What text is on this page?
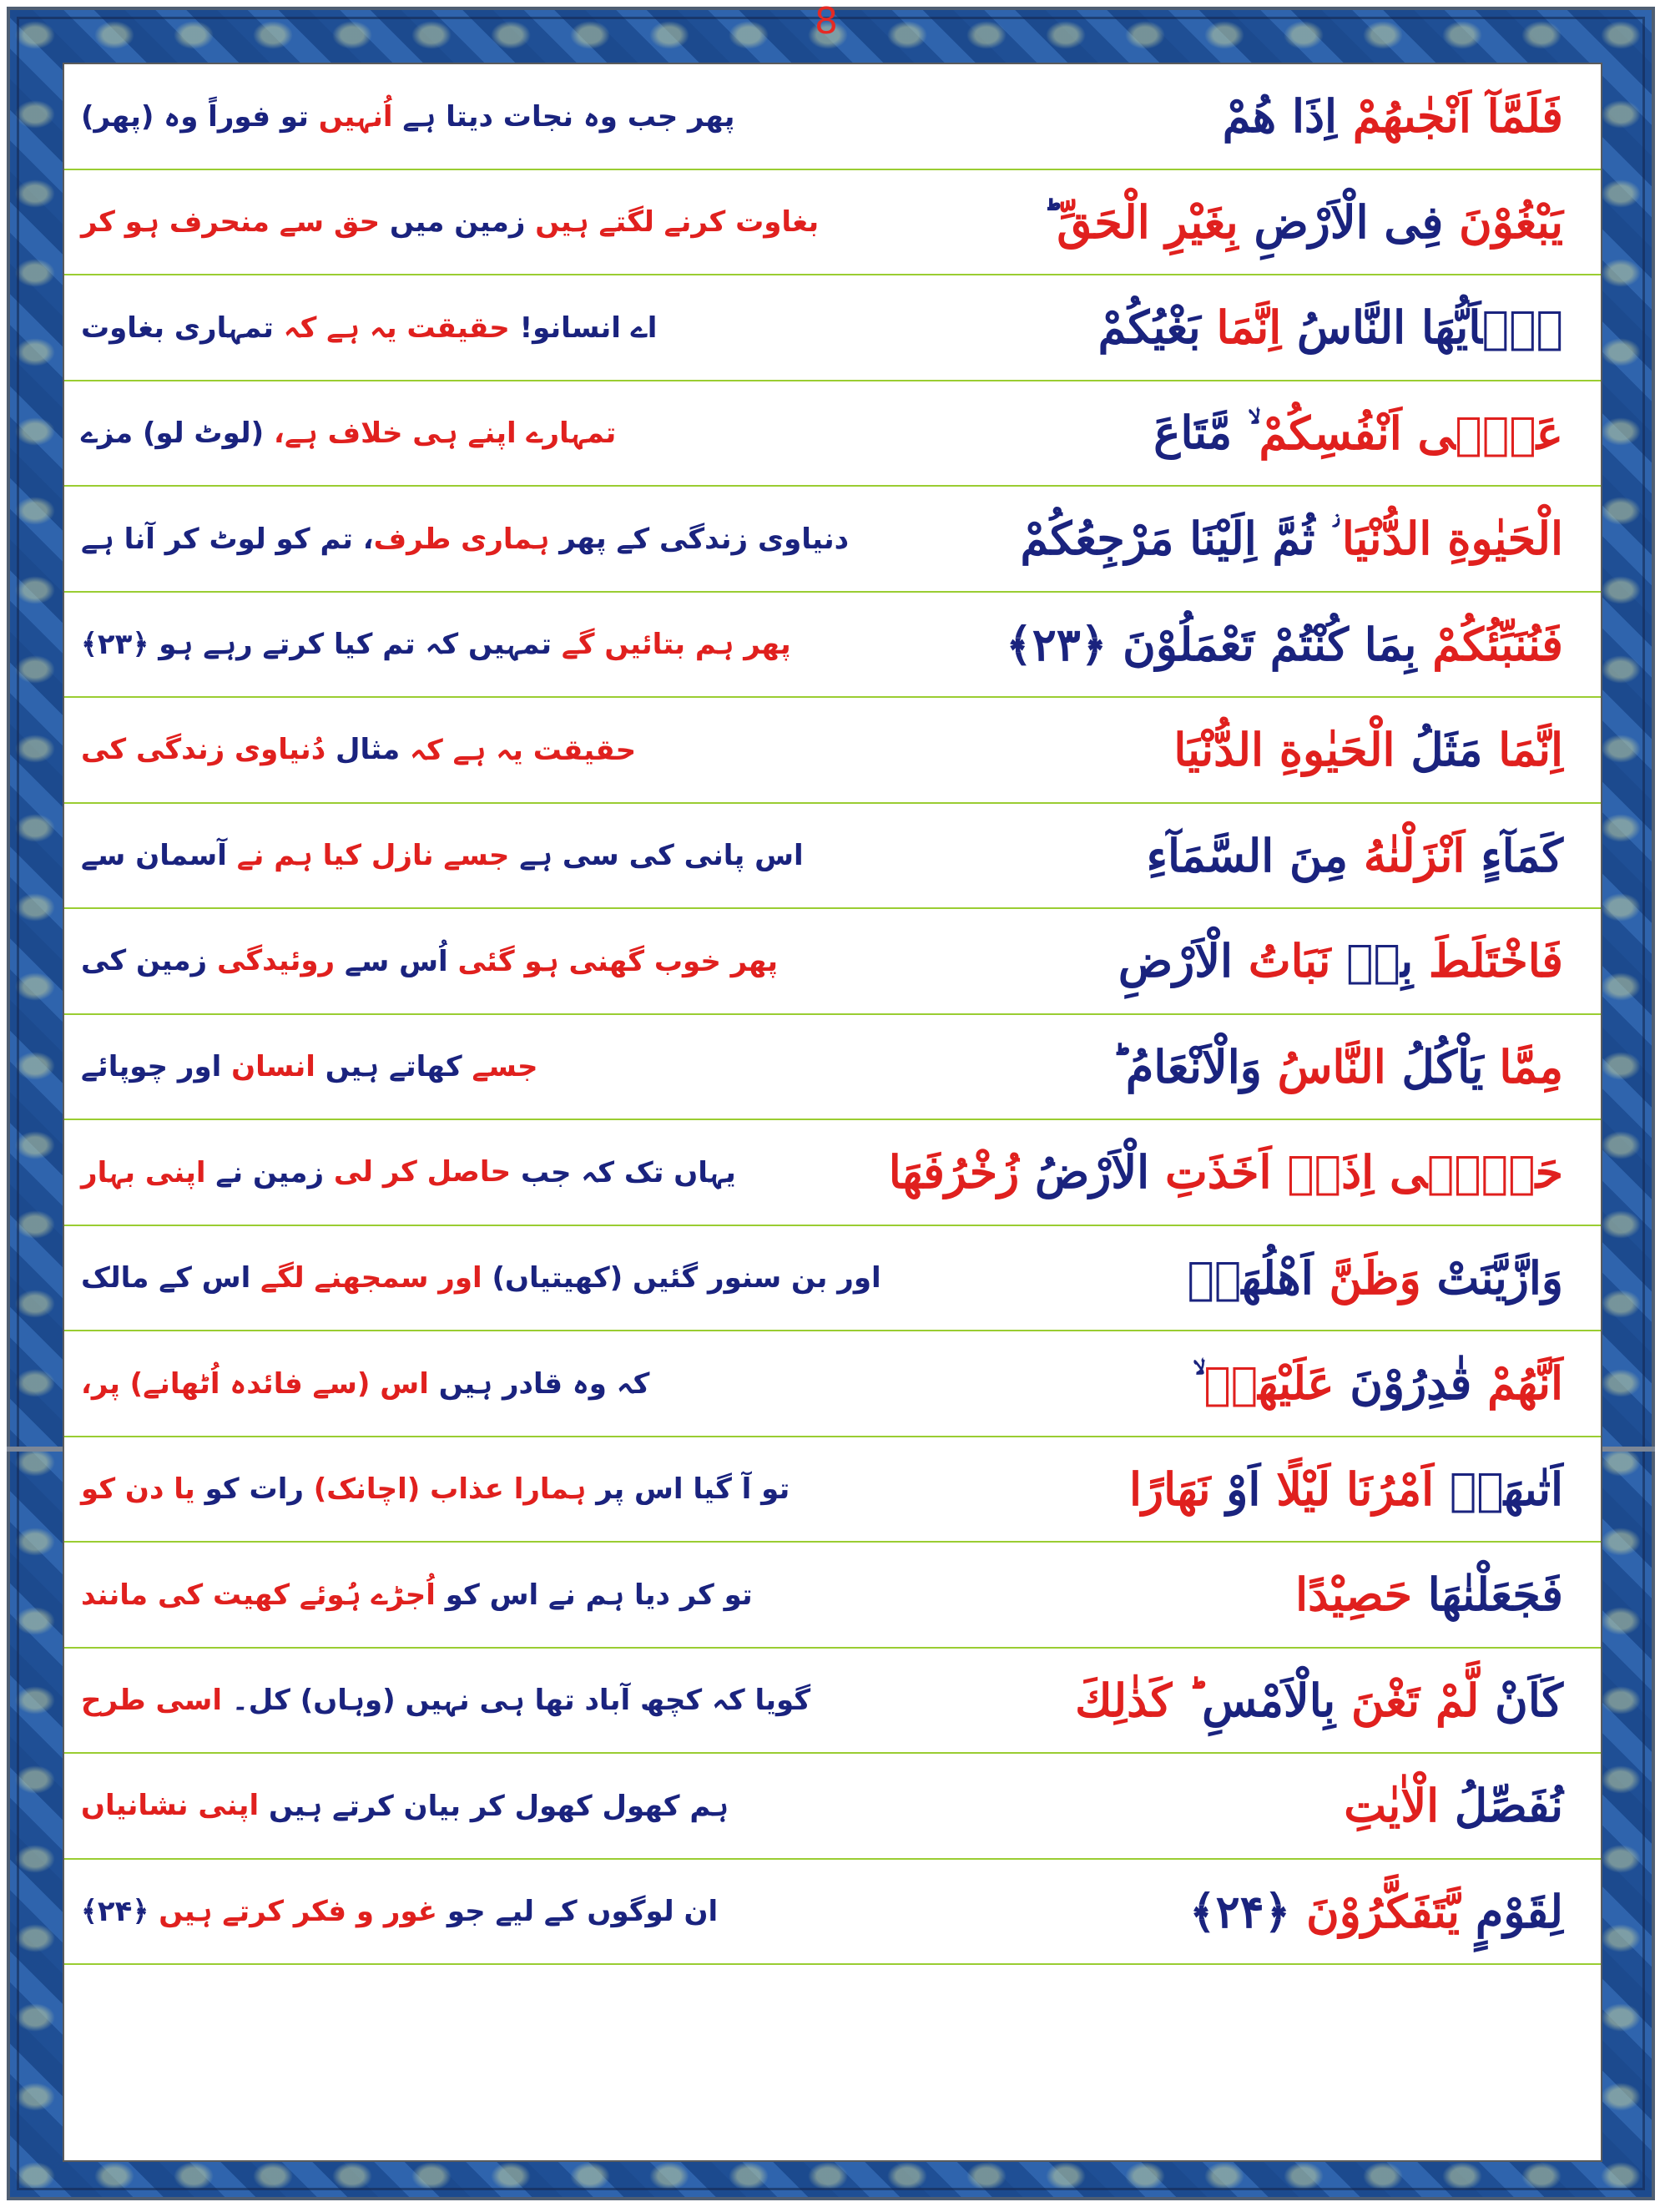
8
فَلَمَّآ اَنْجٰىهُمْ
اِذَا هُمْ
پھر جب وہ نجات دیتا ہے
اُنہیں
تو فوراً وہ (پھر)
يَبْغُوْنَ
فِى الْاَرْضِ
بِغَيْرِ الْحَقِّ
ؕ
بغاوت کرنے لگتے ہیں
زمین میں
حق سے منحرف ہو کر
يٰۤاَيُّهَا النَّاسُ
اِنَّمَا
بَغْيُكُمْ
اے انسانو!
حقیقت یہ ہے کہ
تمہاری بغاوت
عَلٰۤى اَنْفُسِكُمْ
ۙ مَّتَاعَ
تمہارے اپنے ہی خلاف ہے،
(لوٹ لو) مزے
الْحَيٰوةِ الدُّنْيَا
ؗ ثُمَّ اِلَيْنَا مَرْجِعُكُمْ
دنیاوی زندگی کے
پھر
ہماری طرف
، تم کو لوٹ کر آنا ہے
فَنُنَبِّئُكُمْ
بِمَا كُنْتُمْ تَعْمَلُوْنَ
﴿۲۳﴾
پھر ہم بتائیں گے
تمہیں کہ تم کیا کرتے رہے ہو
﴿۲۳﴾
اِنَّمَا
مَثَلُ
الْحَيٰوةِ الدُّنْيَا
حقیقت یہ ہے کہ
مثال
دُنیاوی زندگی کی
كَمَآءٍ
اَنْزَلْنٰهُ
مِنَ السَّمَآءِ
اس پانی کی سی ہے
جسے نازل کیا ہم نے
آسمان سے
فَاخْتَلَطَ
بِهٖ
نَبَاتُ
الْاَرْضِ
پھر خوب گھنی ہو گئی
اُس سے
روئیدگی
زمین کی
مِمَّا
يَاْكُلُ
النَّاسُ
وَالْاَنْعَامُ ؕ
جسے
کھاتے ہیں
انسان
اور چوپائے
حَتّٰۤى
اِذَاۤ اَخَذَتِ
الْاَرْضُ
زُخْرُفَهَا
یہاں تک کہ جب
حاصل کر لی
زمین نے
اپنی بہار
وَازَّيَّنَتْ
وَظَنَّ
اَهْلُهَاۤ
اور بن سنور گئیں (کھیتیاں)
اور سمجھنے لگے
اس کے مالک
اَنَّهُمْ
قٰدِرُوْنَ
عَلَيْهَاۤ
ۙ
کہ وہ قادر ہیں
اس (سے فائدہ اُٹھانے) پر،
اَتٰٮهَاۤ
اَمْرُنَا لَيْلًا
اَوْ
نَهَارًا
تو آ گیا اس پر
ہمارا عذاب (اچانک)
رات کو
یا دن کو
فَجَعَلْنٰهَا
حَصِيْدًا
تو کر دیا ہم نے اس کو
اُجڑے ہُوئے کھیت کی مانند
كَاَنْ
لَّمْ تَغْنَ
بِالْاَمْسِ
ؕ كَذٰلِكَ
گویا کہ کچھ آباد تھا ہی نہیں (وہاں)
کل۔
اسی طرح
نُفَصِّلُ
الْاٰيٰتِ
ہم کھول کھول کر بیان کرتے ہیں
اپنی نشانیاں
لِقَوْمٍ
يَّتَفَكَّرُوْنَ
﴿۲۴﴾
ان لوگوں کے لیے جو
غور و فکر کرتے ہیں
﴿۲۴﴾
